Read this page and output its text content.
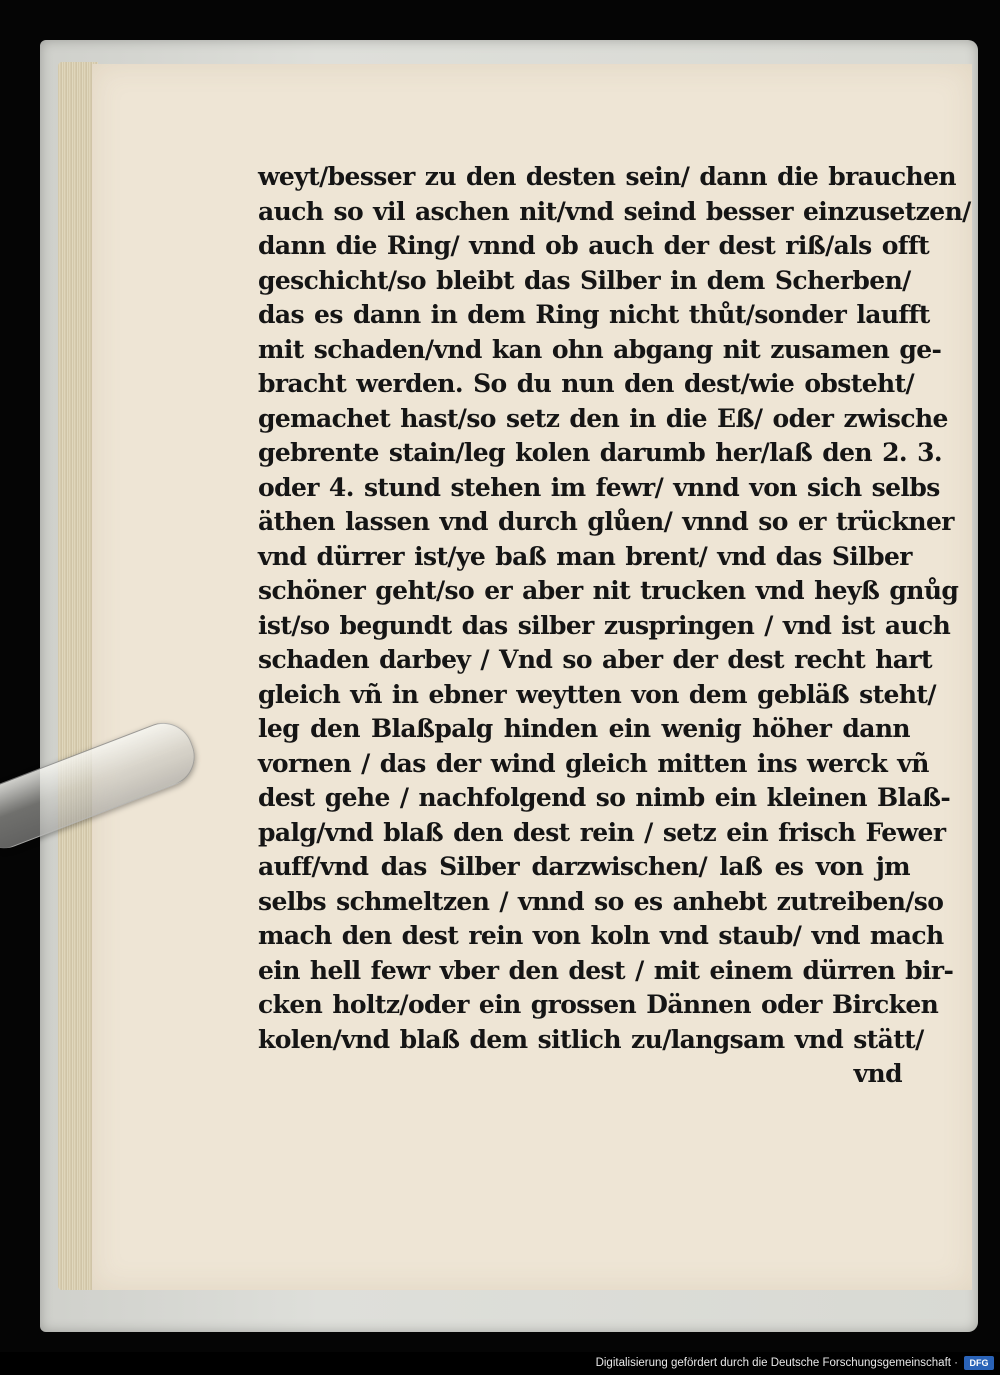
weyt/besser zu den desten sein/ dann die brauchen
auch so vil aschen nit/vnd seind besser einzusetzen/
dann die Ring/ vnnd ob auch der dest riß/als offt
geschicht/so bleibt das Silber in dem Scherben/
das es dann in dem Ring nicht thůt/sonder laufft
mit schaden/vnd kan ohn abgang nit zusamen ge-
bracht werden. So du nun den dest/wie obsteht/
gemachet hast/so setz den in die Eß/ oder zwische
gebrente stain/leg kolen darumb her/laß den 2. 3.
oder 4. stund stehen im fewr/ vnnd von sich selbs
äthen lassen vnd durch glůen/ vnnd so er trückner
vnd dürrer ist/ye baß man brent/ vnd das Silber
schöner geht/so er aber nit trucken vnd heyß gnůg
ist/so begundt das silber zuspringen / vnd ist auch
schaden darbey / Vnd so aber der dest recht hart
gleich vñ in ebner weytten von dem gebläß steht/
leg den Blaßpalg hinden ein wenig höher dann
vornen / das der wind gleich mitten ins werck vñ
dest gehe / nachfolgend so nimb ein kleinen Blaß-
palg/vnd blaß den dest rein / setz ein frisch Fewer
auff/vnd das Silber darzwischen/ laß es von jm
selbs schmeltzen / vnnd so es anhebt zutreiben/so
mach den dest rein von koln vnd staub/ vnd mach
ein hell fewr vber den dest / mit einem dürren bir-
cken holtz/oder ein grossen Dännen oder Bircken
kolen/vnd blaß dem sitlich zu/langsam vnd stätt/
vnd
Digitalisierung gefördert durch die Deutsche Forschungsgemeinschaft ·	DFG
